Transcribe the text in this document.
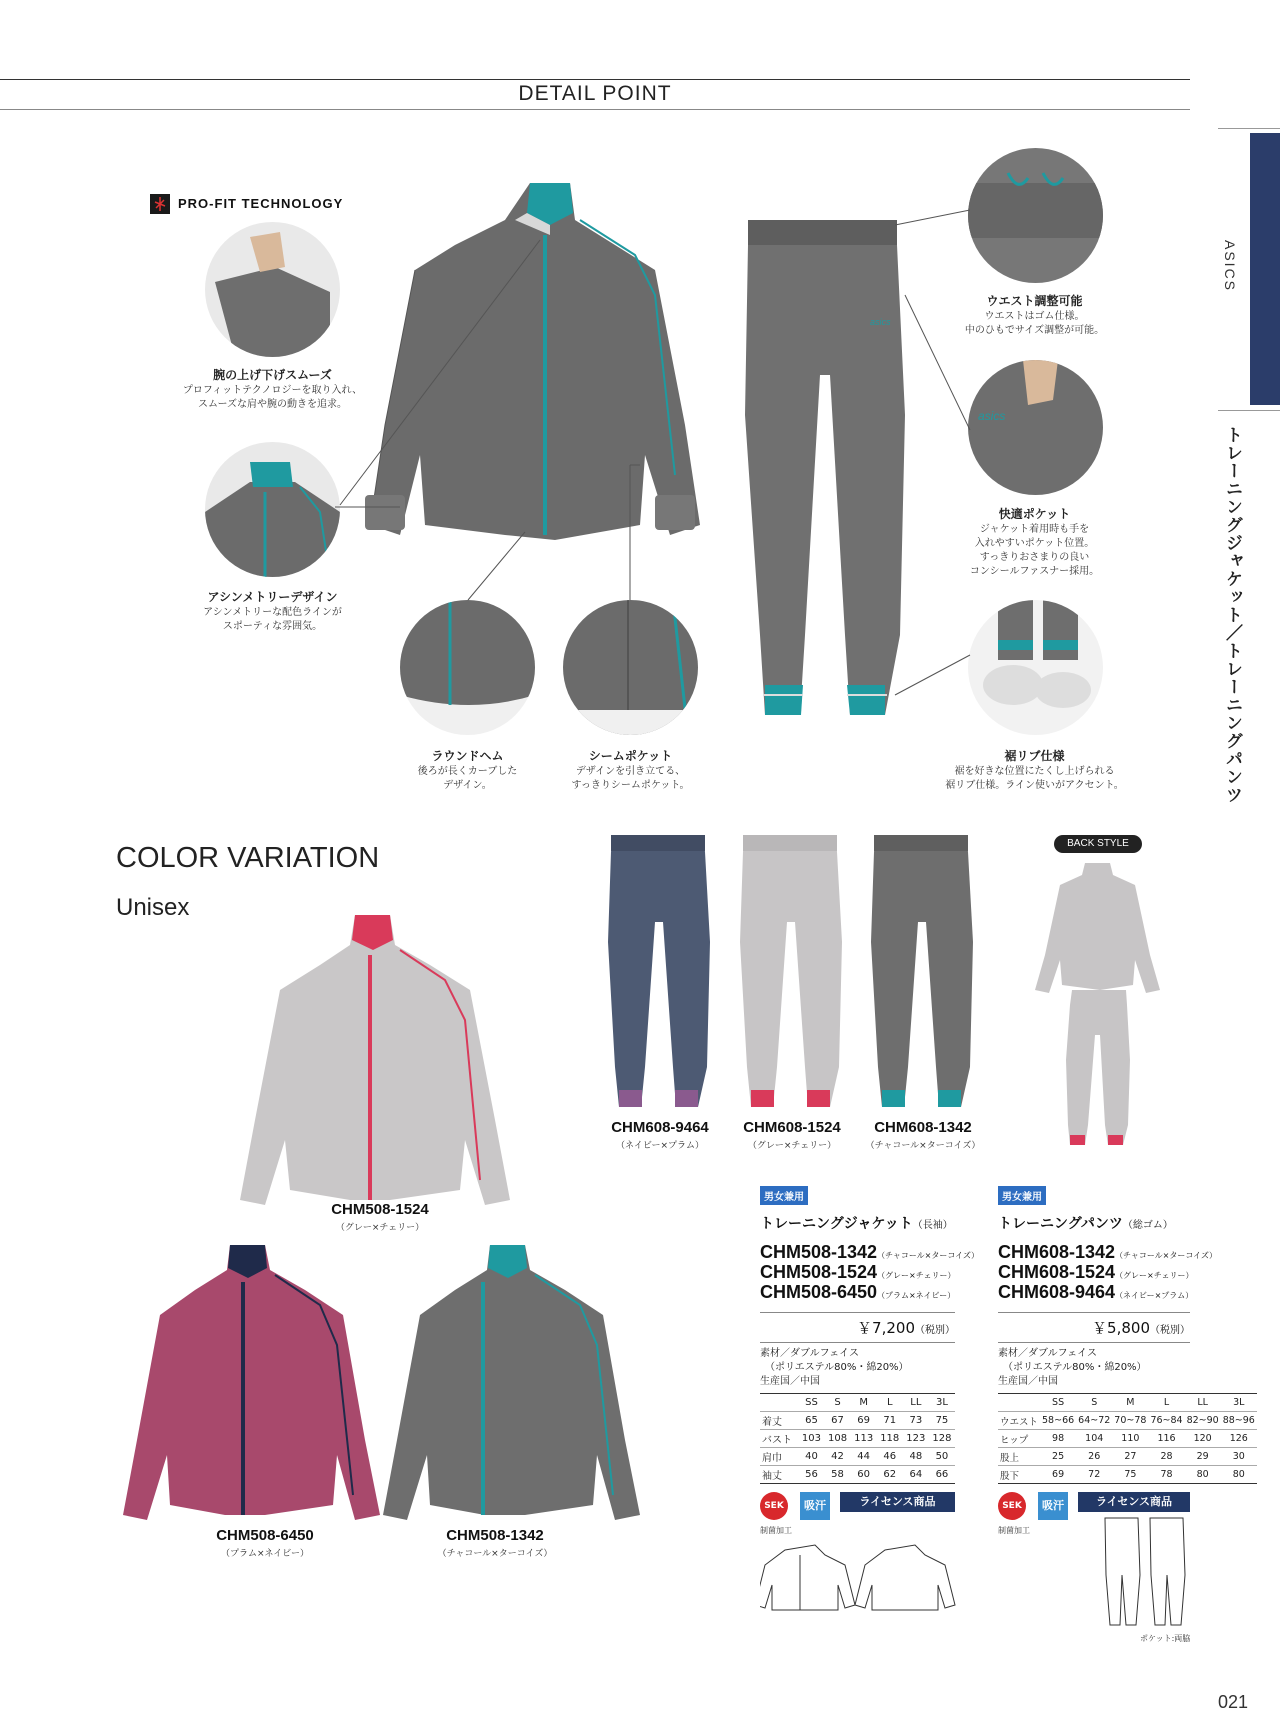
DETAIL POINT
ASICS
トレーニングジャケット／トレーニングパンツ
PRO-FIT TECHNOLOGY
asics
腕の上げ下げスムーズ
プロフィットテクノロジーを取り入れ、
スムーズな肩や腕の動きを追求。
アシンメトリーデザイン
アシンメトリーな配色ラインが
スポーティな雰囲気。
ラウンドヘム
後ろが長くカーブした
デザイン。
シームポケット
デザインを引き立てる、
すっきりシームポケット。
ウエスト調整可能
ウエストはゴム仕様。
中のひもでサイズ調整が可能。
asics
快適ポケット
ジャケット着用時も手を
入れやすいポケット位置。
すっきりおさまりの良い
コンシールファスナー採用。
裾リブ仕様
裾を好きな位置にたくし上げられる
裾リブ仕様。ライン使いがアクセント。
COLOR VARIATION
Unisex
CHM508-1524
（グレー×チェリー）
CHM508-6450
（プラム×ネイビー）
CHM508-1342
（チャコール×ターコイズ）
CHM608-9464
（ネイビー×プラム）
CHM608-1524
（グレー×チェリー）
CHM608-1342
（チャコール×ターコイズ）
BACK STYLE
男女兼用
トレーニングジャケット（長袖）
CHM508-1342（チャコール×ターコイズ）
CHM508-1524（グレー×チェリー）
CHM508-6450（プラム×ネイビー）
￥7,200（税別）
素材／ダブルフェイス
　（ポリエステル80%・綿20%）
生産国／中国
	SS	S	M	L	LL	3L
着丈	65	67	69	71	73	75
バスト	103	108	113	118	123	128
肩巾	40	42	44	46	48	50
袖丈	56	58	60	62	64	66
SEK
制菌加工
吸汗	ライセンス商品
男女兼用
トレーニングパンツ（総ゴム）
CHM608-1342（チャコール×ターコイズ）
CHM608-1524（グレー×チェリー）
CHM608-9464（ネイビー×プラム）
￥5,800（税別）
素材／ダブルフェイス
　（ポリエステル80%・綿20%）
生産国／中国
	SS	S	M	L	LL	3L
ウエスト	58~66	64~72	70~78	76~84	82~90	88~96
ヒップ	98	104	110	116	120	126
股上	25	26	27	28	29	30
股下	69	72	75	78	80	80
SEK
制菌加工
吸汗	ライセンス商品
ポケット:両脇
021
